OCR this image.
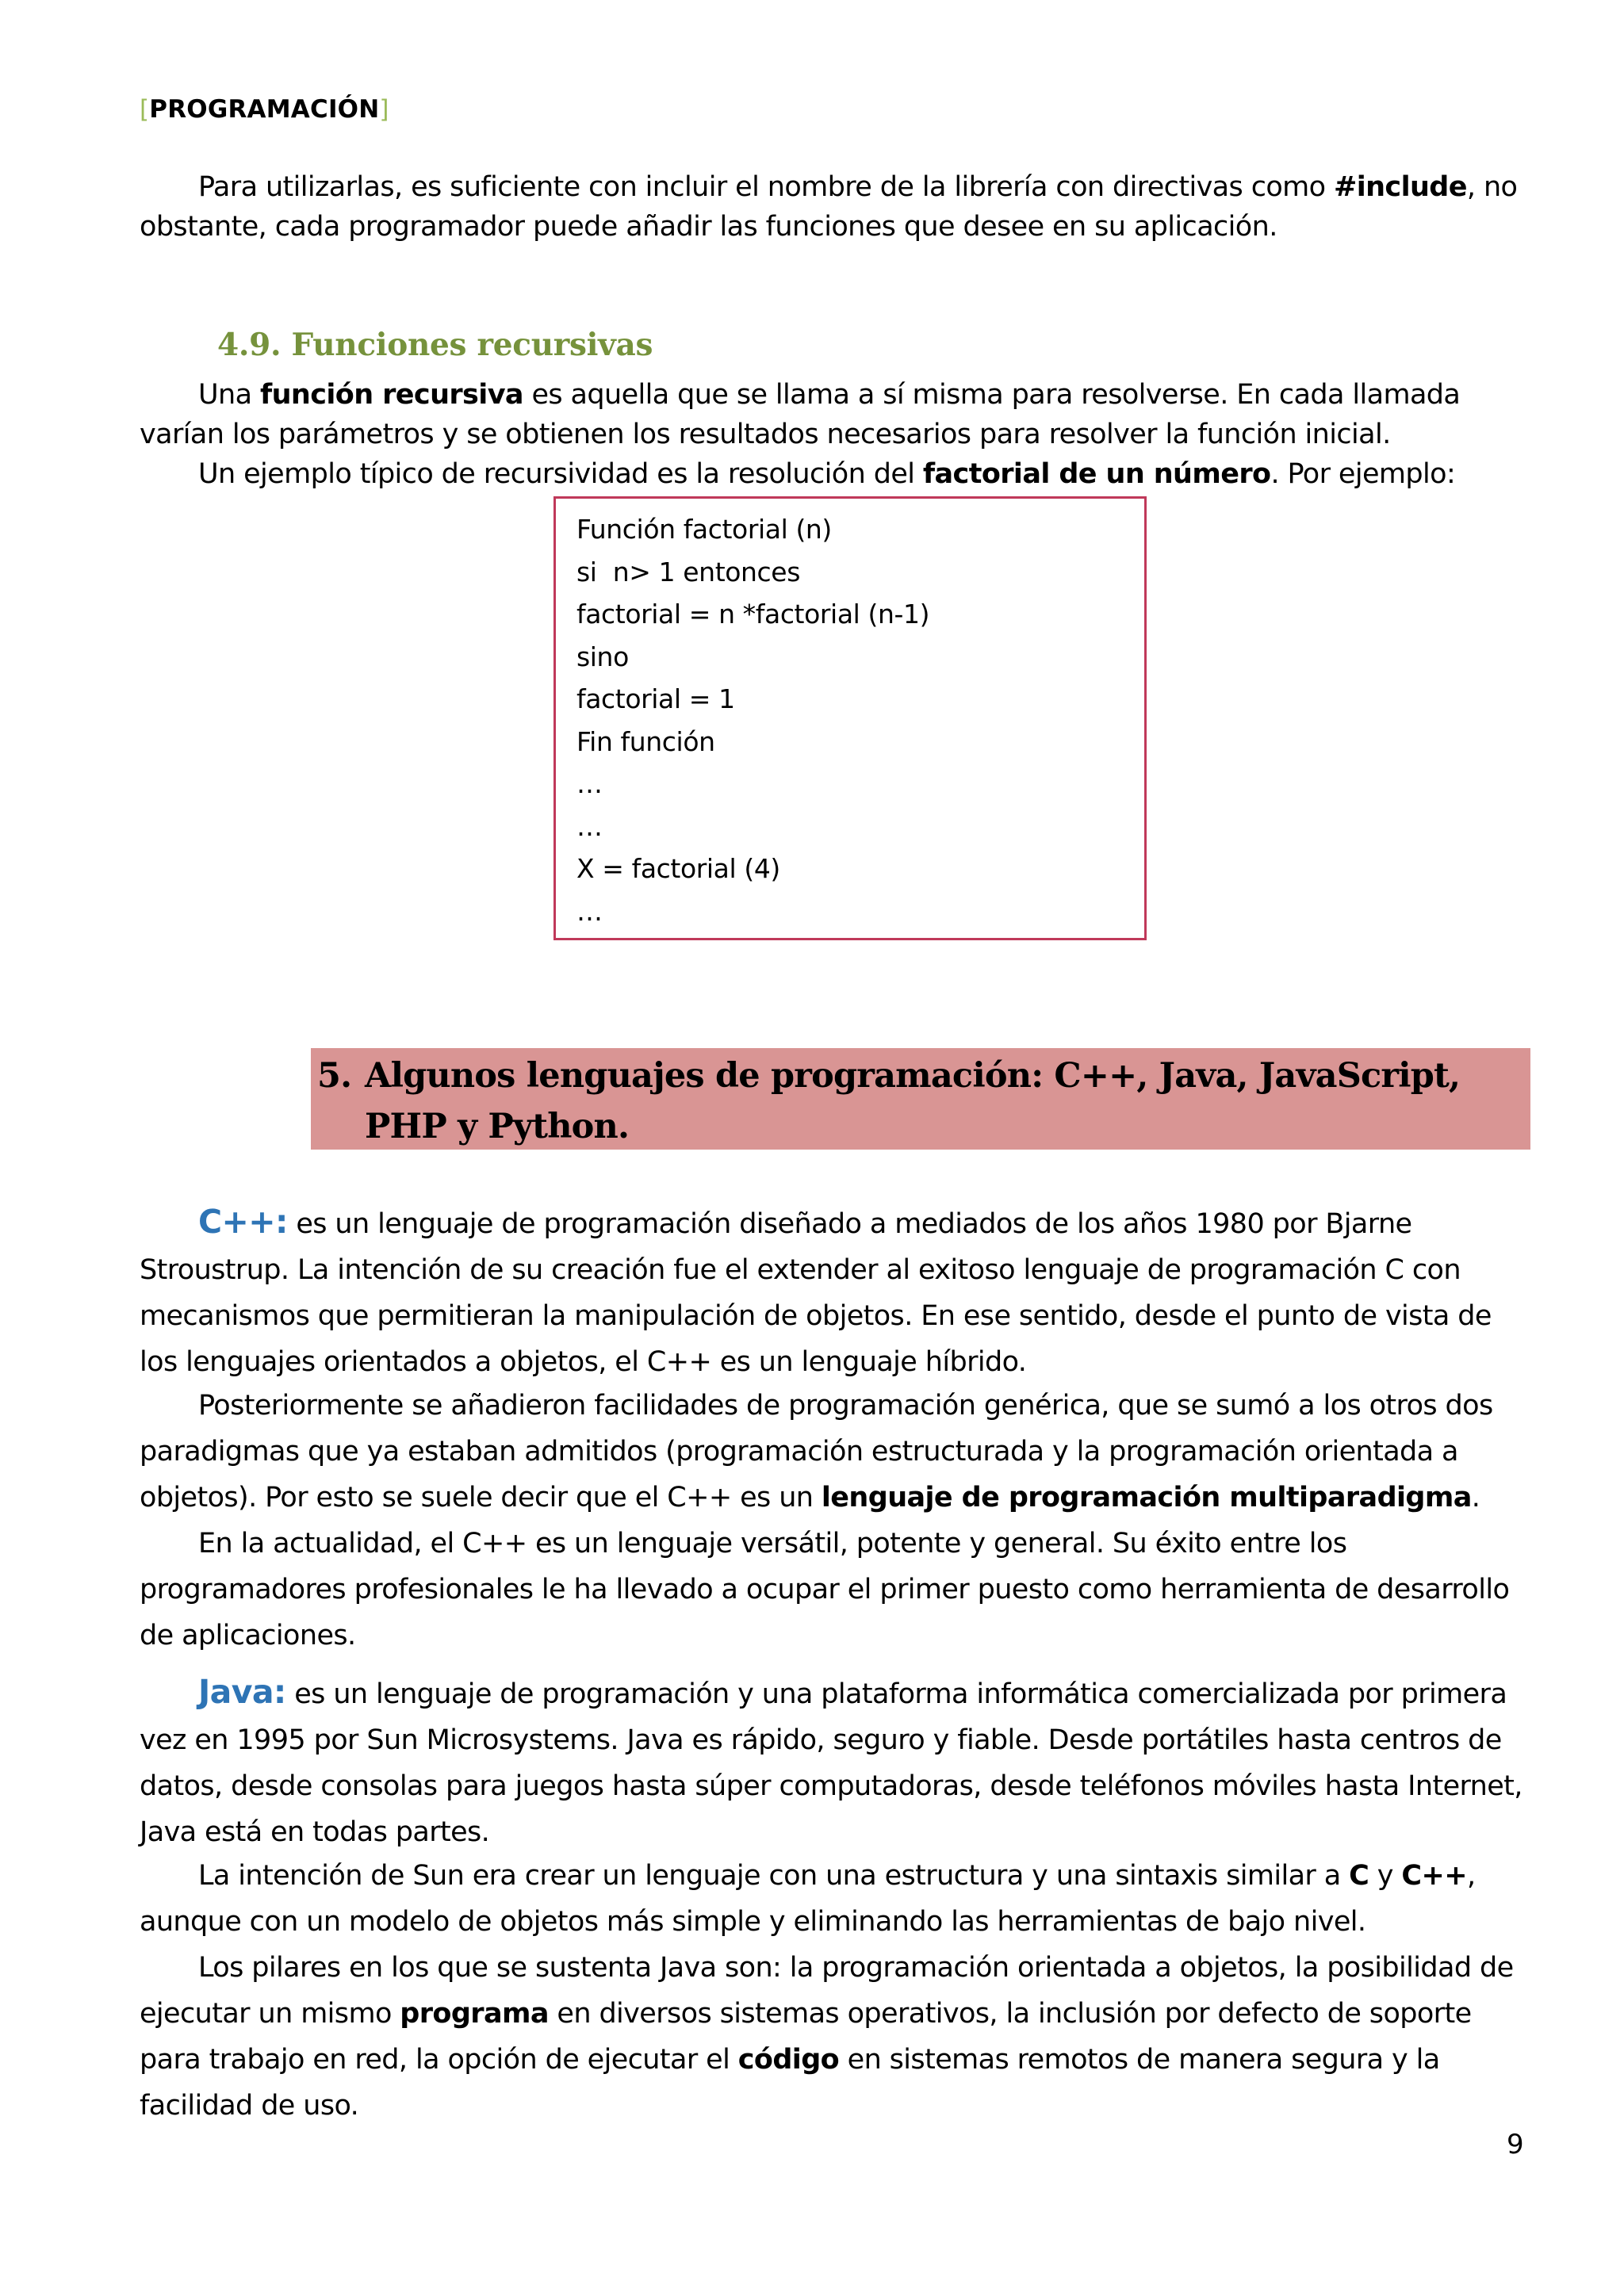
[PROGRAMACIÓN]

Para utilizarlas, es suficiente con incluir el nombre de la librería con directivas como #include, no obstante, cada programador puede añadir las funciones que desee en su aplicación.

4.9. Funciones recursivas

Una función recursiva es aquella que se llama a sí misma para resolverse. En cada llamada varían los parámetros y se obtienen los resultados necesarios para resolver la función inicial.

Un ejemplo típico de recursividad es la resolución del factorial de un número. Por ejemplo:

Función factorial (n)
si  n> 1 entonces
factorial = n *factorial (n-1)
sino
factorial = 1
Fin función
…
…
X = factorial (4)
…
5. Algunos lenguajes de programación: C++, Java, JavaScript, PHP y Python.

C++: es un lenguaje de programación diseñado a mediados de los años 1980 por Bjarne Stroustrup. La intención de su creación fue el extender al exitoso lenguaje de programación C con mecanismos que permitieran la manipulación de objetos. En ese sentido, desde el punto de vista de los lenguajes orientados a objetos, el C++ es un lenguaje híbrido.

Posteriormente se añadieron facilidades de programación genérica, que se sumó a los otros dos paradigmas que ya estaban admitidos (programación estructurada y la programación orientada a objetos). Por esto se suele decir que el C++ es un lenguaje de programación multiparadigma.

En la actualidad, el C++ es un lenguaje versátil, potente y general. Su éxito entre los programadores profesionales le ha llevado a ocupar el primer puesto como herramienta de desarrollo de aplicaciones.

Java: es un lenguaje de programación y una plataforma informática comercializada por primera vez en 1995 por Sun Microsystems. Java es rápido, seguro y fiable. Desde portátiles hasta centros de datos, desde consolas para juegos hasta súper computadoras, desde teléfonos móviles hasta Internet, Java está en todas partes.

La intención de Sun era crear un lenguaje con una estructura y una sintaxis similar a C y C++, aunque con un modelo de objetos más simple y eliminando las herramientas de bajo nivel.

Los pilares en los que se sustenta Java son: la programación orientada a objetos, la posibilidad de ejecutar un mismo programa en diversos sistemas operativos, la inclusión por defecto de soporte para trabajo en red, la opción de ejecutar el código en sistemas remotos de manera segura y la facilidad de uso.

9
